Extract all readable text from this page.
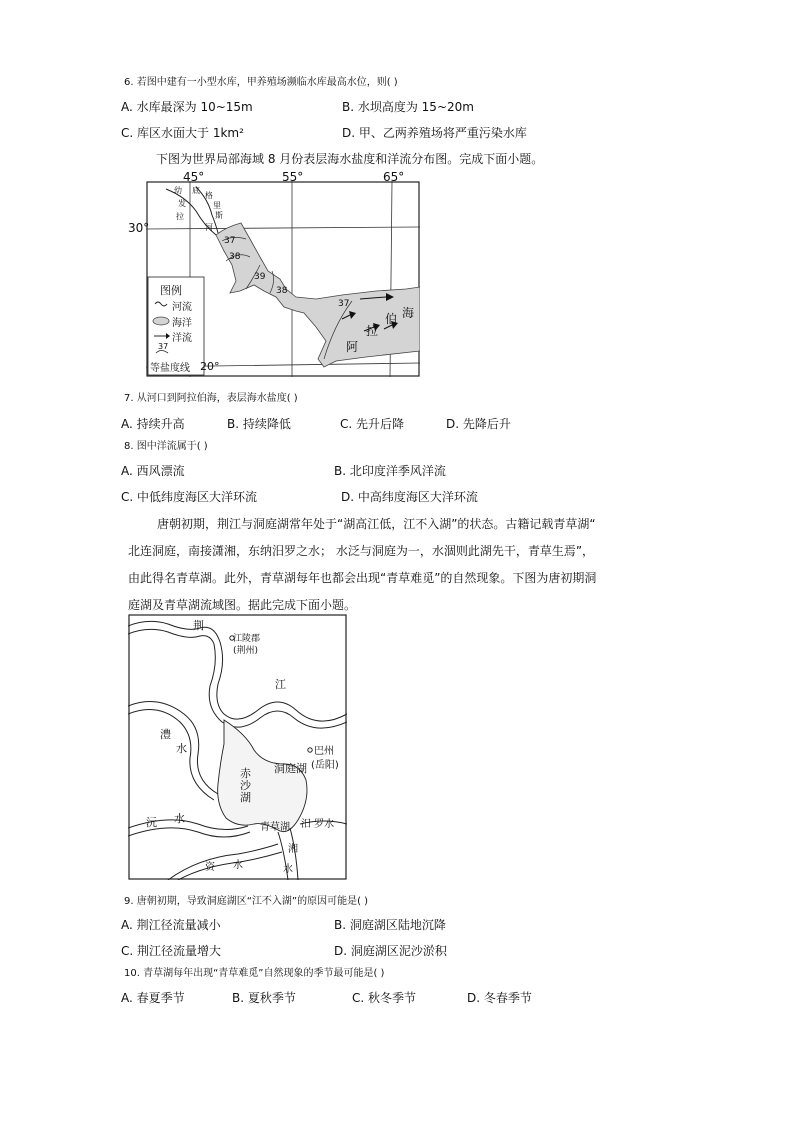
6. 若图中建有一小型水库，甲养殖场濒临水库最高水位，则( )
A. 水库最深为 10~15m	B. 水坝高度为 15~20m
C. 库区水面大于 1km²	D. 甲、乙两养殖场将严重污染水库
下图为世界局部海域 8 月份表层海水盐度和洋流分布图。完成下面小题。
45°	55°	65°
30°
20°
幼
发
拉
底
格
里
斯
河
37
38
39
38
37
阿
拉
伯 海
图例
河流
海洋
洋流
37
等盐度线
7. 从河口到阿拉伯海，表层海水盐度( )
A. 持续升高	B. 持续降低	C. 先升后降	D. 先降后升
8. 图中洋流属于( )
A. 西风漂流	B. 北印度洋季风洋流
C. 中低纬度海区大洋环流	D. 中高纬度海区大洋环流
唐朝初期，荆江与洞庭湖常年处于“湖高江低，江不入湖”的状态。古籍记载青草湖“
北连洞庭，南接潇湘，东纳汨罗之水； 水泛与洞庭为一，水涸则此湖先干，青草生焉”，
由此得名青草湖。此外，青草湖每年也都会出现“青草难觅”的自然现象。下图为唐初期洞
庭湖及青草湖流域图。据此完成下面小题。
荆
江陵郡
(荆州)
江
澧
水	巴州
(岳阳)
赤
沙
湖
洞庭湖
沅 水
青草湖 汨 罗水
湘
水
资 水
9. 唐朝初期，导致洞庭湖区“江不入湖”的原因可能是( )
A. 荆江径流量减小	B. 洞庭湖区陆地沉降
C. 荆江径流量增大	D. 洞庭湖区泥沙淤积
10. 青草湖每年出现“青草难觅”自然现象的季节最可能是( )
A. 春夏季节	B. 夏秋季节	C. 秋冬季节	D. 冬春季节
